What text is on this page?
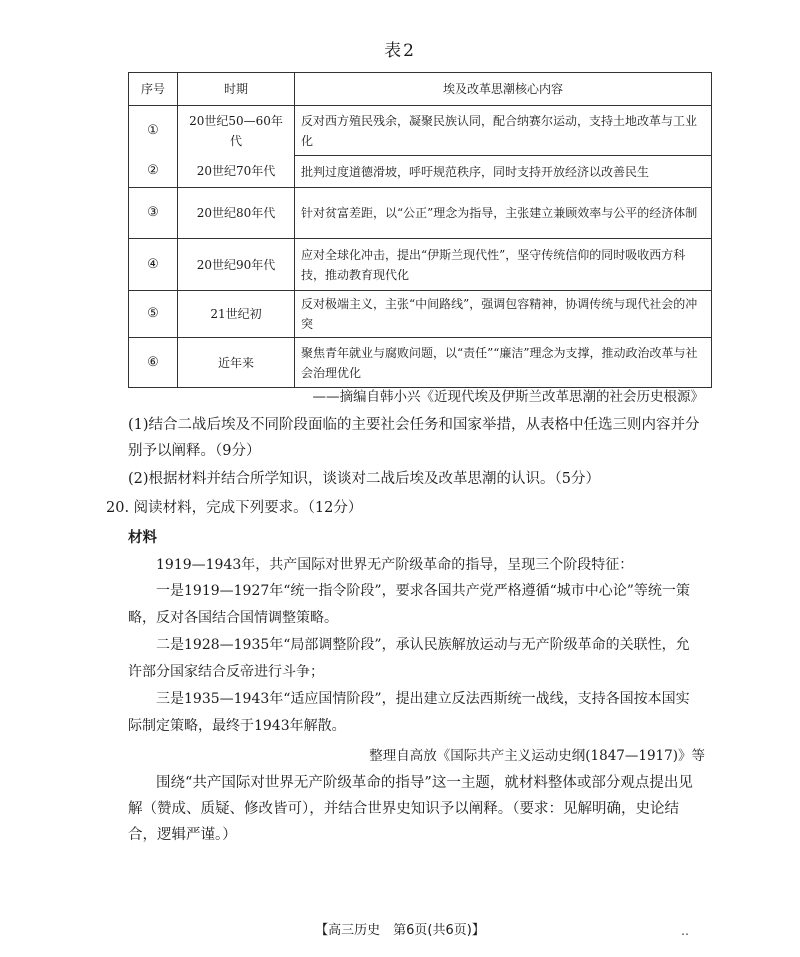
表2
序号	时期	埃及改革思潮核心内容
①	20世纪50—60年代	反对西方殖民残余，凝聚民族认同，配合纳赛尔运动，支持土地改革与工业化
②	20世纪70年代	批判过度道德滑坡，呼吁规范秩序，同时支持开放经济以改善民生
③	20世纪80年代	针对贫富差距，以“公正”理念为指导，主张建立兼顾效率与公平的经济体制
④	20世纪90年代	应对全球化冲击，提出“伊斯兰现代性”，坚守传统信仰的同时吸收西方科技，推动教育现代化
⑤	21世纪初	反对极端主义，主张“中间路线”，强调包容精神，协调传统与现代社会的冲突
⑥	近年来	聚焦青年就业与腐败问题，以“责任”“廉洁”理念为支撑，推动政治改革与社会治理优化
——摘编自韩小兴《近现代埃及伊斯兰改革思潮的社会历史根源》
(1)结合二战后埃及不同阶段面临的主要社会任务和国家举措，从表格中任选三则内容并分别予以阐释。（9分）
(2)根据材料并结合所学知识，谈谈对二战后埃及改革思潮的认识。（5分）
20. 阅读材料，完成下列要求。（12分）
材料
1919—1943年，共产国际对世界无产阶级革命的指导，呈现三个阶段特征：
一是1919—1927年“统一指令阶段”，要求各国共产党严格遵循“城市中心论”等统一策略，反对各国结合国情调整策略。
二是1928—1935年“局部调整阶段”，承认民族解放运动与无产阶级革命的关联性，允许部分国家结合反帝进行斗争；
三是1935—1943年“适应国情阶段”，提出建立反法西斯统一战线，支持各国按本国实际制定策略，最终于1943年解散。
整理自高放《国际共产主义运动史纲(1847—1917)》等
围绕“共产国际对世界无产阶级革命的指导”这一主题，就材料整体或部分观点提出见解（赞成、质疑、修改皆可），并结合世界史知识予以阐释。（要求：见解明确，史论结合，逻辑严谨。）
【高三历史　第6页(共6页)】	‥
